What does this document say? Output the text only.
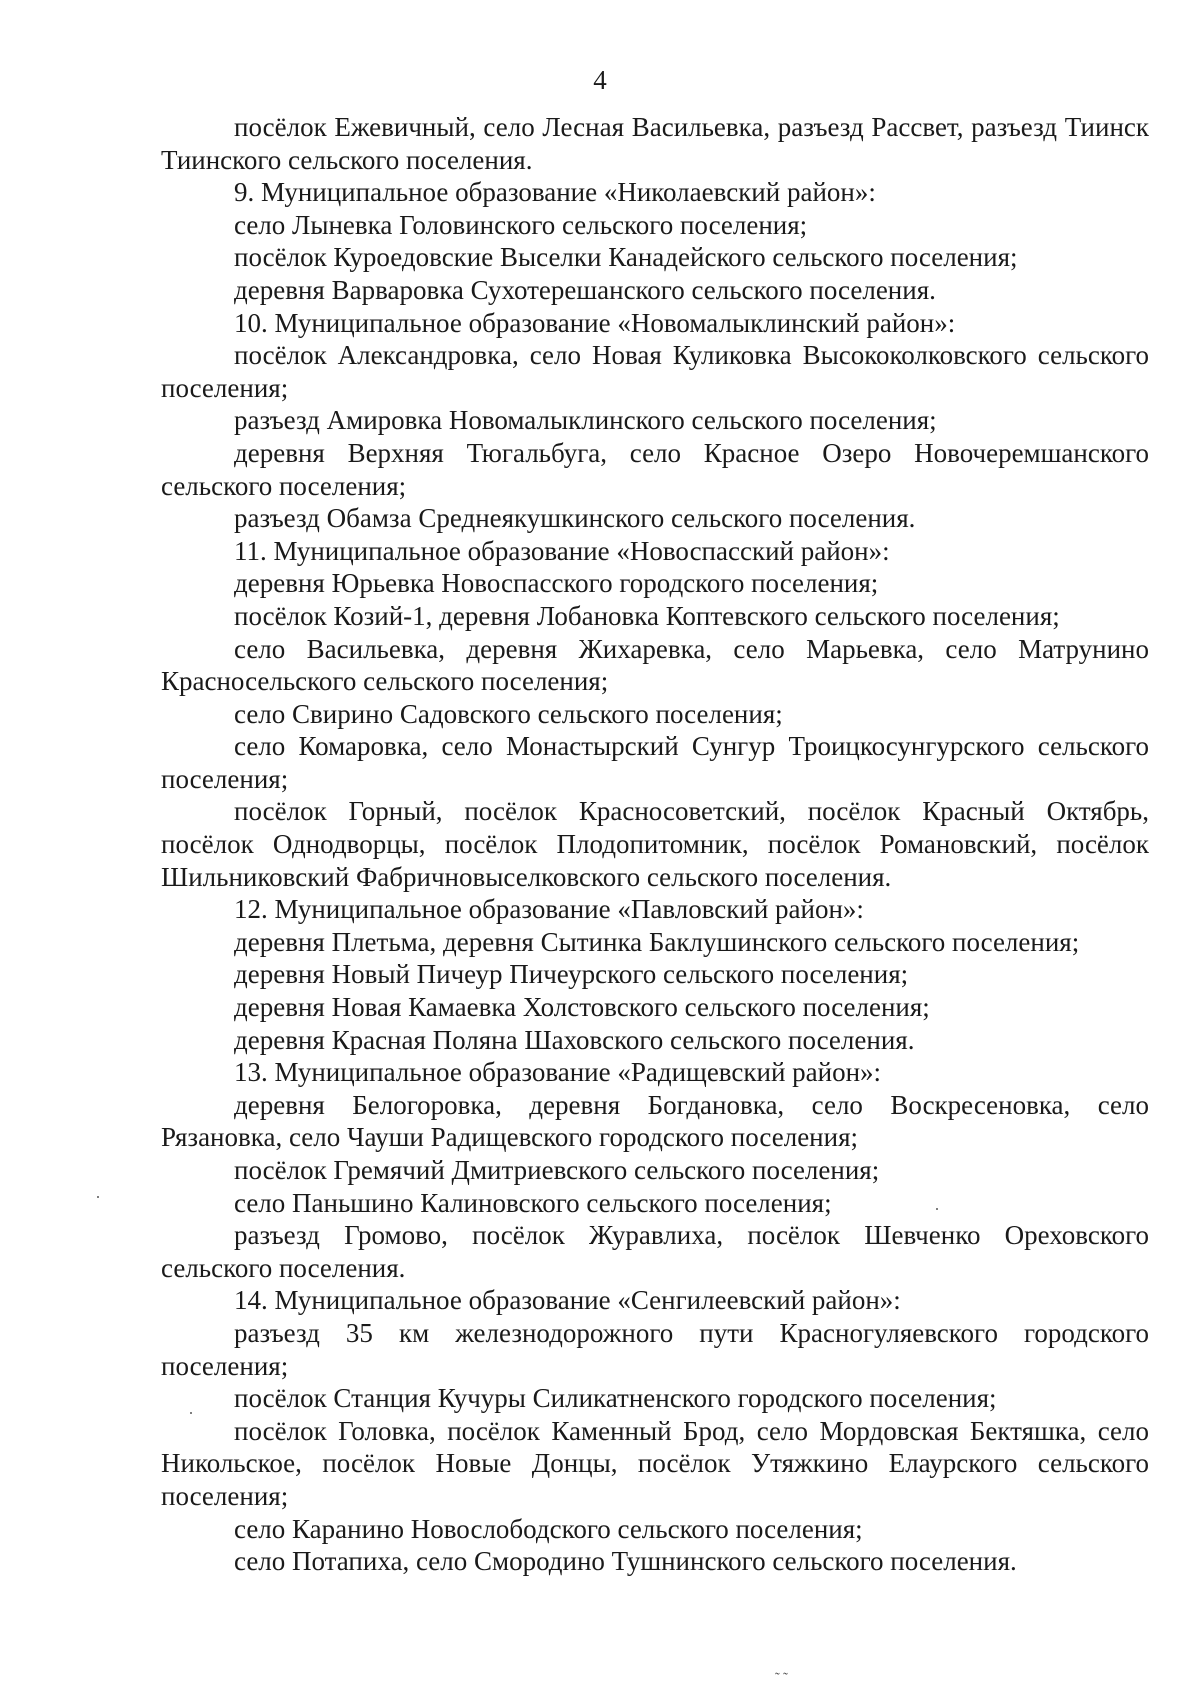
4

посёлок Ежевичный, село Лесная Васильевка, разъезд Рассвет, разъезд Тиинск Тиинского сельского поселения.

9. Муниципальное образование «Николаевский район»:

село Лыневка Головинского сельского поселения;

посёлок Куроедовские Выселки Канадейского сельского поселения;

деревня Варваровка Сухотерешанского сельского поселения.

10. Муниципальное образование «Новомалыклинский район»:

посёлок Александровка, село Новая Куликовка Высококолковского сельского поселения;

разъезд Амировка Новомалыклинского сельского поселения;

деревня Верхняя Тюгальбуга, село Красное Озеро Новочеремшанского сельского поселения;

разъезд Обамза Среднеякушкинского сельского поселения.

11. Муниципальное образование «Новоспасский район»:

деревня Юрьевка Новоспасского городского поселения;

посёлок Козий-1, деревня Лобановка Коптевского сельского поселения;

село Васильевка, деревня Жихаревка, село Марьевка, село Матрунино Красносельского сельского поселения;

село Свирино Садовского сельского поселения;

село Комаровка, село Монастырский Сунгур Троицкосунгурского сельского поселения;

посёлок Горный, посёлок Красносоветский, посёлок Красный Октябрь, посёлок Однодворцы, посёлок Плодопитомник, посёлок Романовский, посёлок Шильниковский Фабричновыселковского сельского поселения.

12. Муниципальное образование «Павловский район»:

деревня Плетьма, деревня Сытинка Баклушинского сельского поселения;

деревня Новый Пичеур Пичеурского сельского поселения;

деревня Новая Камаевка Холстовского сельского поселения;

деревня Красная Поляна Шаховского сельского поселения.

13. Муниципальное образование «Радищевский район»:

деревня Белогоровка, деревня Богдановка, село Воскресеновка, село Рязановка, село Чауши Радищевского городского поселения;

посёлок Гремячий Дмитриевского сельского поселения;

село Паньшино Калиновского сельского поселения;

разъезд Громово, посёлок Журавлиха, посёлок Шевченко Ореховского сельского поселения.

14. Муниципальное образование «Сенгилеевский район»:

разъезд 35 км железнодорожного пути Красногуляевского городского поселения;

посёлок Станция Кучуры Силикатненского городского поселения;

посёлок Головка, посёлок Каменный Брод, село Мордовская Бектяшка, село Никольское, посёлок Новые Донцы, посёлок Утяжкино Елаурского сельского поселения;

село Каранино Новослободского сельского поселения;

село Потапиха, село Смородино Тушнинского сельского поселения.

˜ ˜
